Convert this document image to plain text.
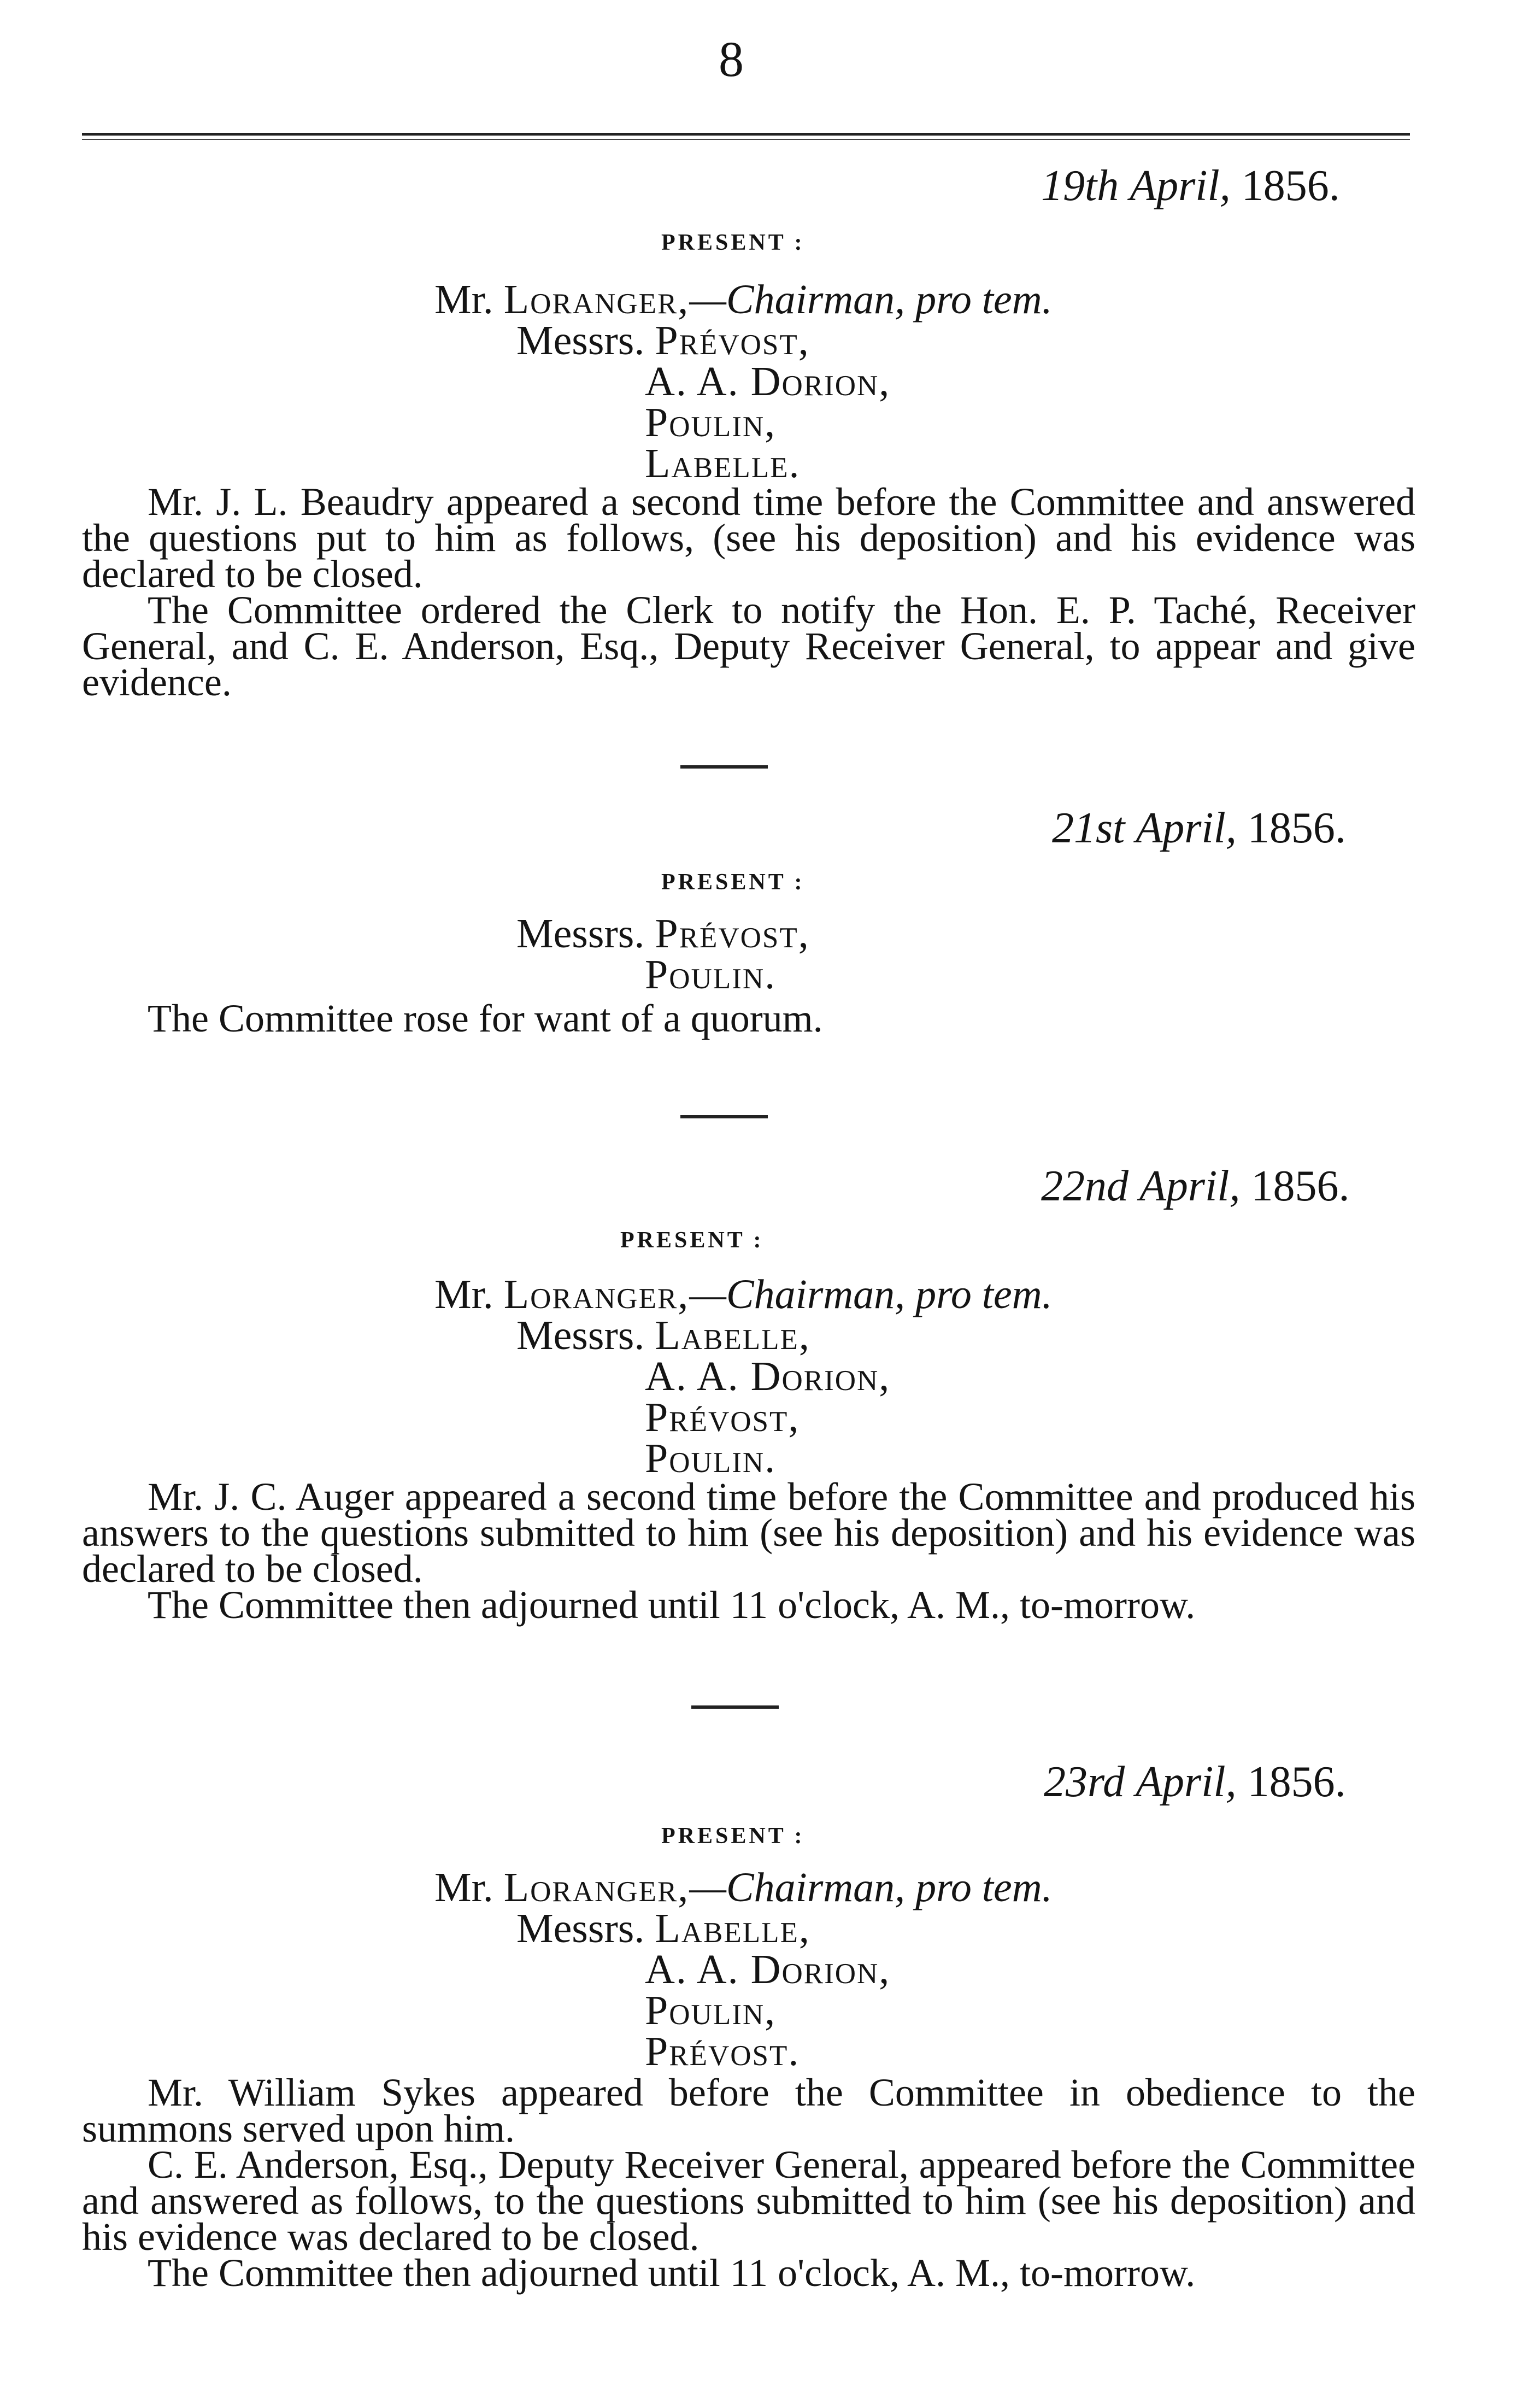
8
19th April, 1856.
PRESENT :
Mr. Loranger,—Chairman, pro tem.
Messrs. Prévost,
A. A. Dorion,
Poulin,
Labelle.

Mr. J. L. Beaudry appeared a second time before the Committee and answered the questions put to him as follows, (see his deposition) and his evidence was declared to be closed.

The Committee ordered the Clerk to notify the Hon. E. P. Taché, Receiver General, and C. E. Anderson, Esq., Deputy Receiver General, to appear and give evidence.

21st April, 1856.
PRESENT :
Messrs. Prévost,
Poulin.

The Committee rose for want of a quorum.

22nd April, 1856.
PRESENT :
Mr. Loranger,—Chairman, pro tem.
Messrs. Labelle,
A. A. Dorion,
Prévost,
Poulin.

Mr. J. C. Auger appeared a second time before the Committee and produced his answers to the questions submitted to him (see his deposition) and his evidence was declared to be closed.

The Committee then adjourned until 11 o'clock, A. M., to-morrow.

23rd April, 1856.
PRESENT :
Mr. Loranger,—Chairman, pro tem.
Messrs. Labelle,
A. A. Dorion,
Poulin,
Prévost.

Mr. William Sykes appeared before the Committee in obedience to the summons served upon him.

C. E. Anderson, Esq., Deputy Receiver General, appeared before the Committee and answered as follows, to the questions submitted to him (see his deposition) and his evidence was declared to be closed.

The Committee then adjourned until 11 o'clock, A. M., to-morrow.
